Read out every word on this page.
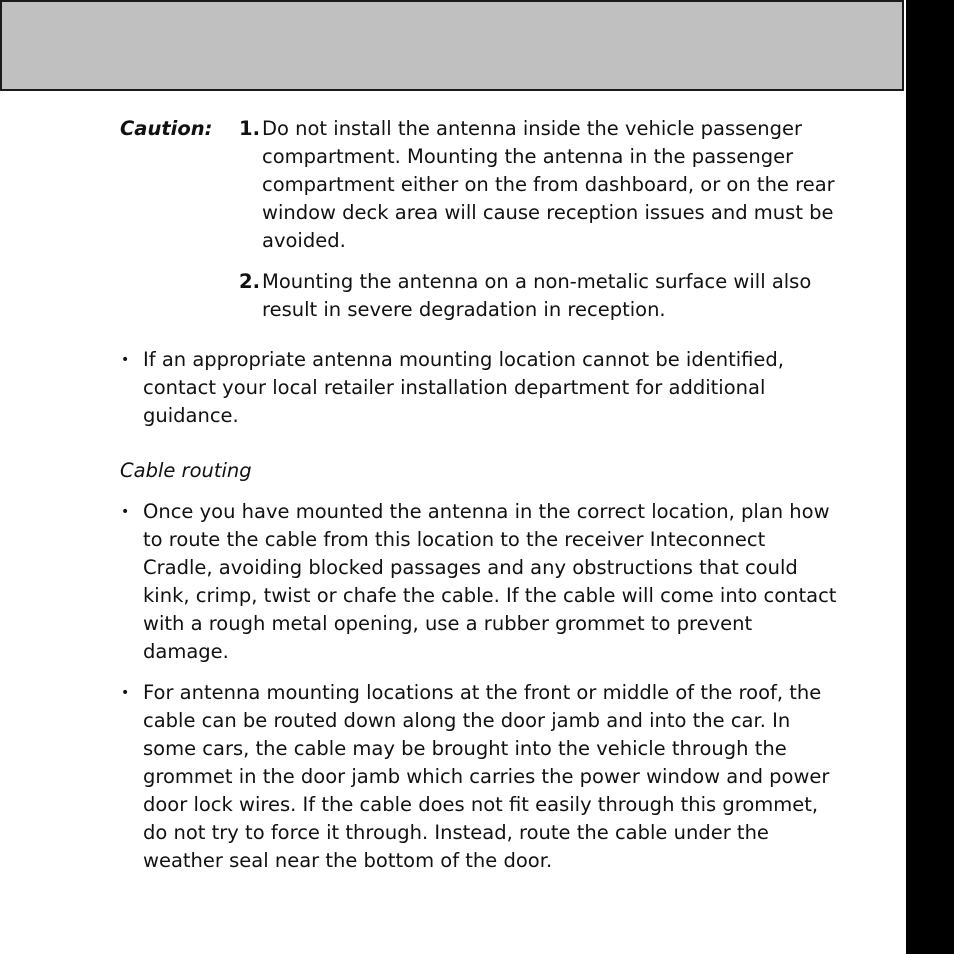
Caution: 1. Do not install the antenna inside the vehicle passenger compartment. Mounting the antenna in the passenger compartment either on the from dashboard, or on the rear window deck area will cause reception issues and must be avoided.
2. Mounting the antenna on a non-metalic surface will also result in severe degradation in reception.
• If an appropriate antenna mounting location cannot be identified, contact your local retailer installation department for additional guidance.
Cable routing
• Once you have mounted the antenna in the correct location, plan how to route the cable from this location to the receiver Inteconnect Cradle, avoiding blocked passages and any obstructions that could kink, crimp, twist or chafe the cable. If the cable will come into contact with a rough metal opening, use a rubber grommet to prevent damage.
• For antenna mounting locations at the front or middle of the roof, the cable can be routed down along the door jamb and into the car. In some cars, the cable may be brought into the vehicle through the grommet in the door jamb which carries the power window and power door lock wires. If the cable does not fit easily through this grommet, do not try to force it through. Instead, route the cable under the weather seal near the bottom of the door.
